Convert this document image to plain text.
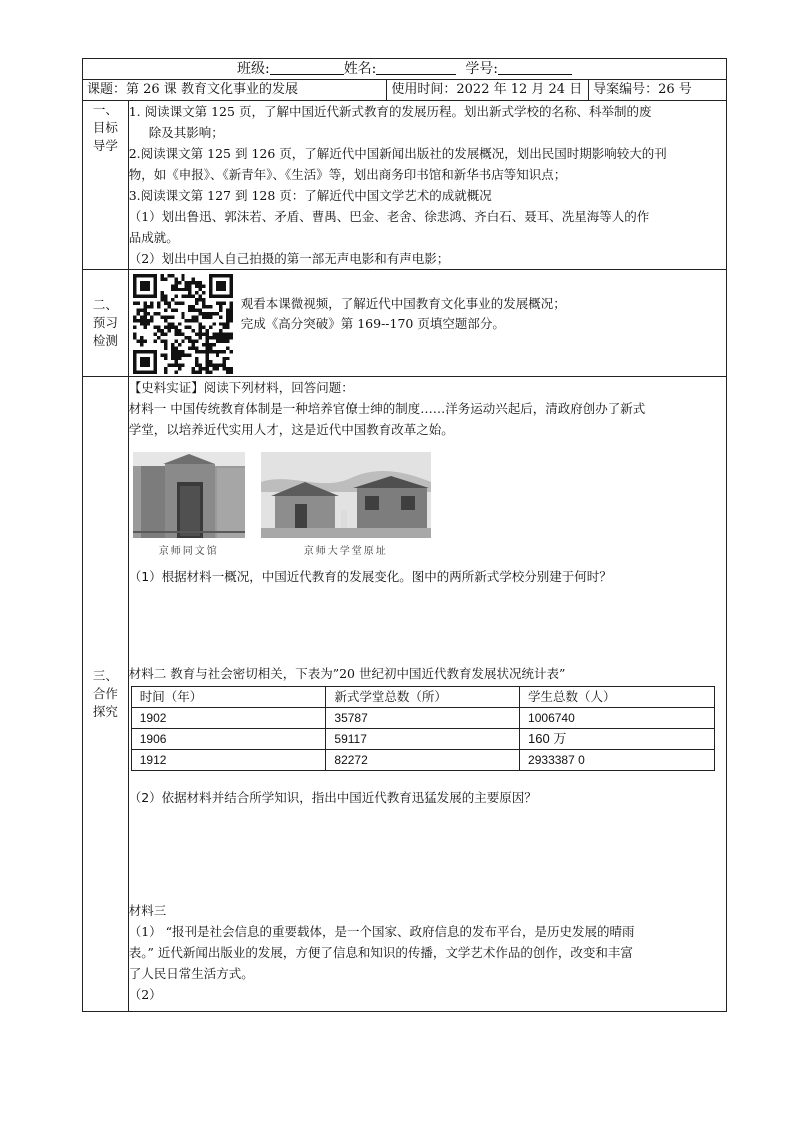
班级:	姓名:	学号:
课题：第 26 课 教育文化事业的发展	使用时间：2022 年 12 月 24 日	导案编号：26 号

一、
目标
导学

1. 阅读课文第 125 页，了解中国近代新式教育的发展历程。划出新式学校的名称、科举制的废

除及其影响；

2.阅读课文第 125 到 126 页，了解近代中国新闻出版社的发展概况，划出民国时期影响较大的刊

物，如《申报》、《新青年》、《生活》等，划出商务印书馆和新华书店等知识点；

3.阅读课文第 127 到 128 页：了解近代中国文学艺术的成就概况

（1）划出鲁迅、郭沫若、矛盾、曹禺、巴金、老舍、徐悲鸿、齐白石、聂耳、冼星海等人的作

品成就。

（2）划出中国人自己拍摄的第一部无声电影和有声电影；

二、
预习
检测

观看本课微视频，了解近代中国教育文化事业的发展概况；

完成《高分突破》第 169--170 页填空题部分。

三、
合作
探究

【史料实证】阅读下列材料，回答问题：

材料一 中国传统教育体制是一种培养官僚士绅的制度……洋务运动兴起后，清政府创办了新式

学堂，以培养近代实用人才，这是近代中国教育改革之始。

京师同文馆	京师大学堂原址

（1）根据材料一概况，中国近代教育的发展变化。图中的两所新式学校分别建于何时？

材料二 教育与社会密切相关，下表为”20 世纪初中国近代教育发展状况统计表”

时间（年）	新式学堂总数（所）	学生总数（人）
1902	35787	1006740
1906	59117	160 万
1912	82272	2933387 0

（2）依据材料并结合所学知识，指出中国近代教育迅猛发展的主要原因？

材料三

（1） “报刊是社会信息的重要载体，是一个国家、政府信息的发布平台，是历史发展的晴雨

表。” 近代新闻出版业的发展，方便了信息和知识的传播，文学艺术作品的创作，改变和丰富

了人民日常生活方式。

（2）
